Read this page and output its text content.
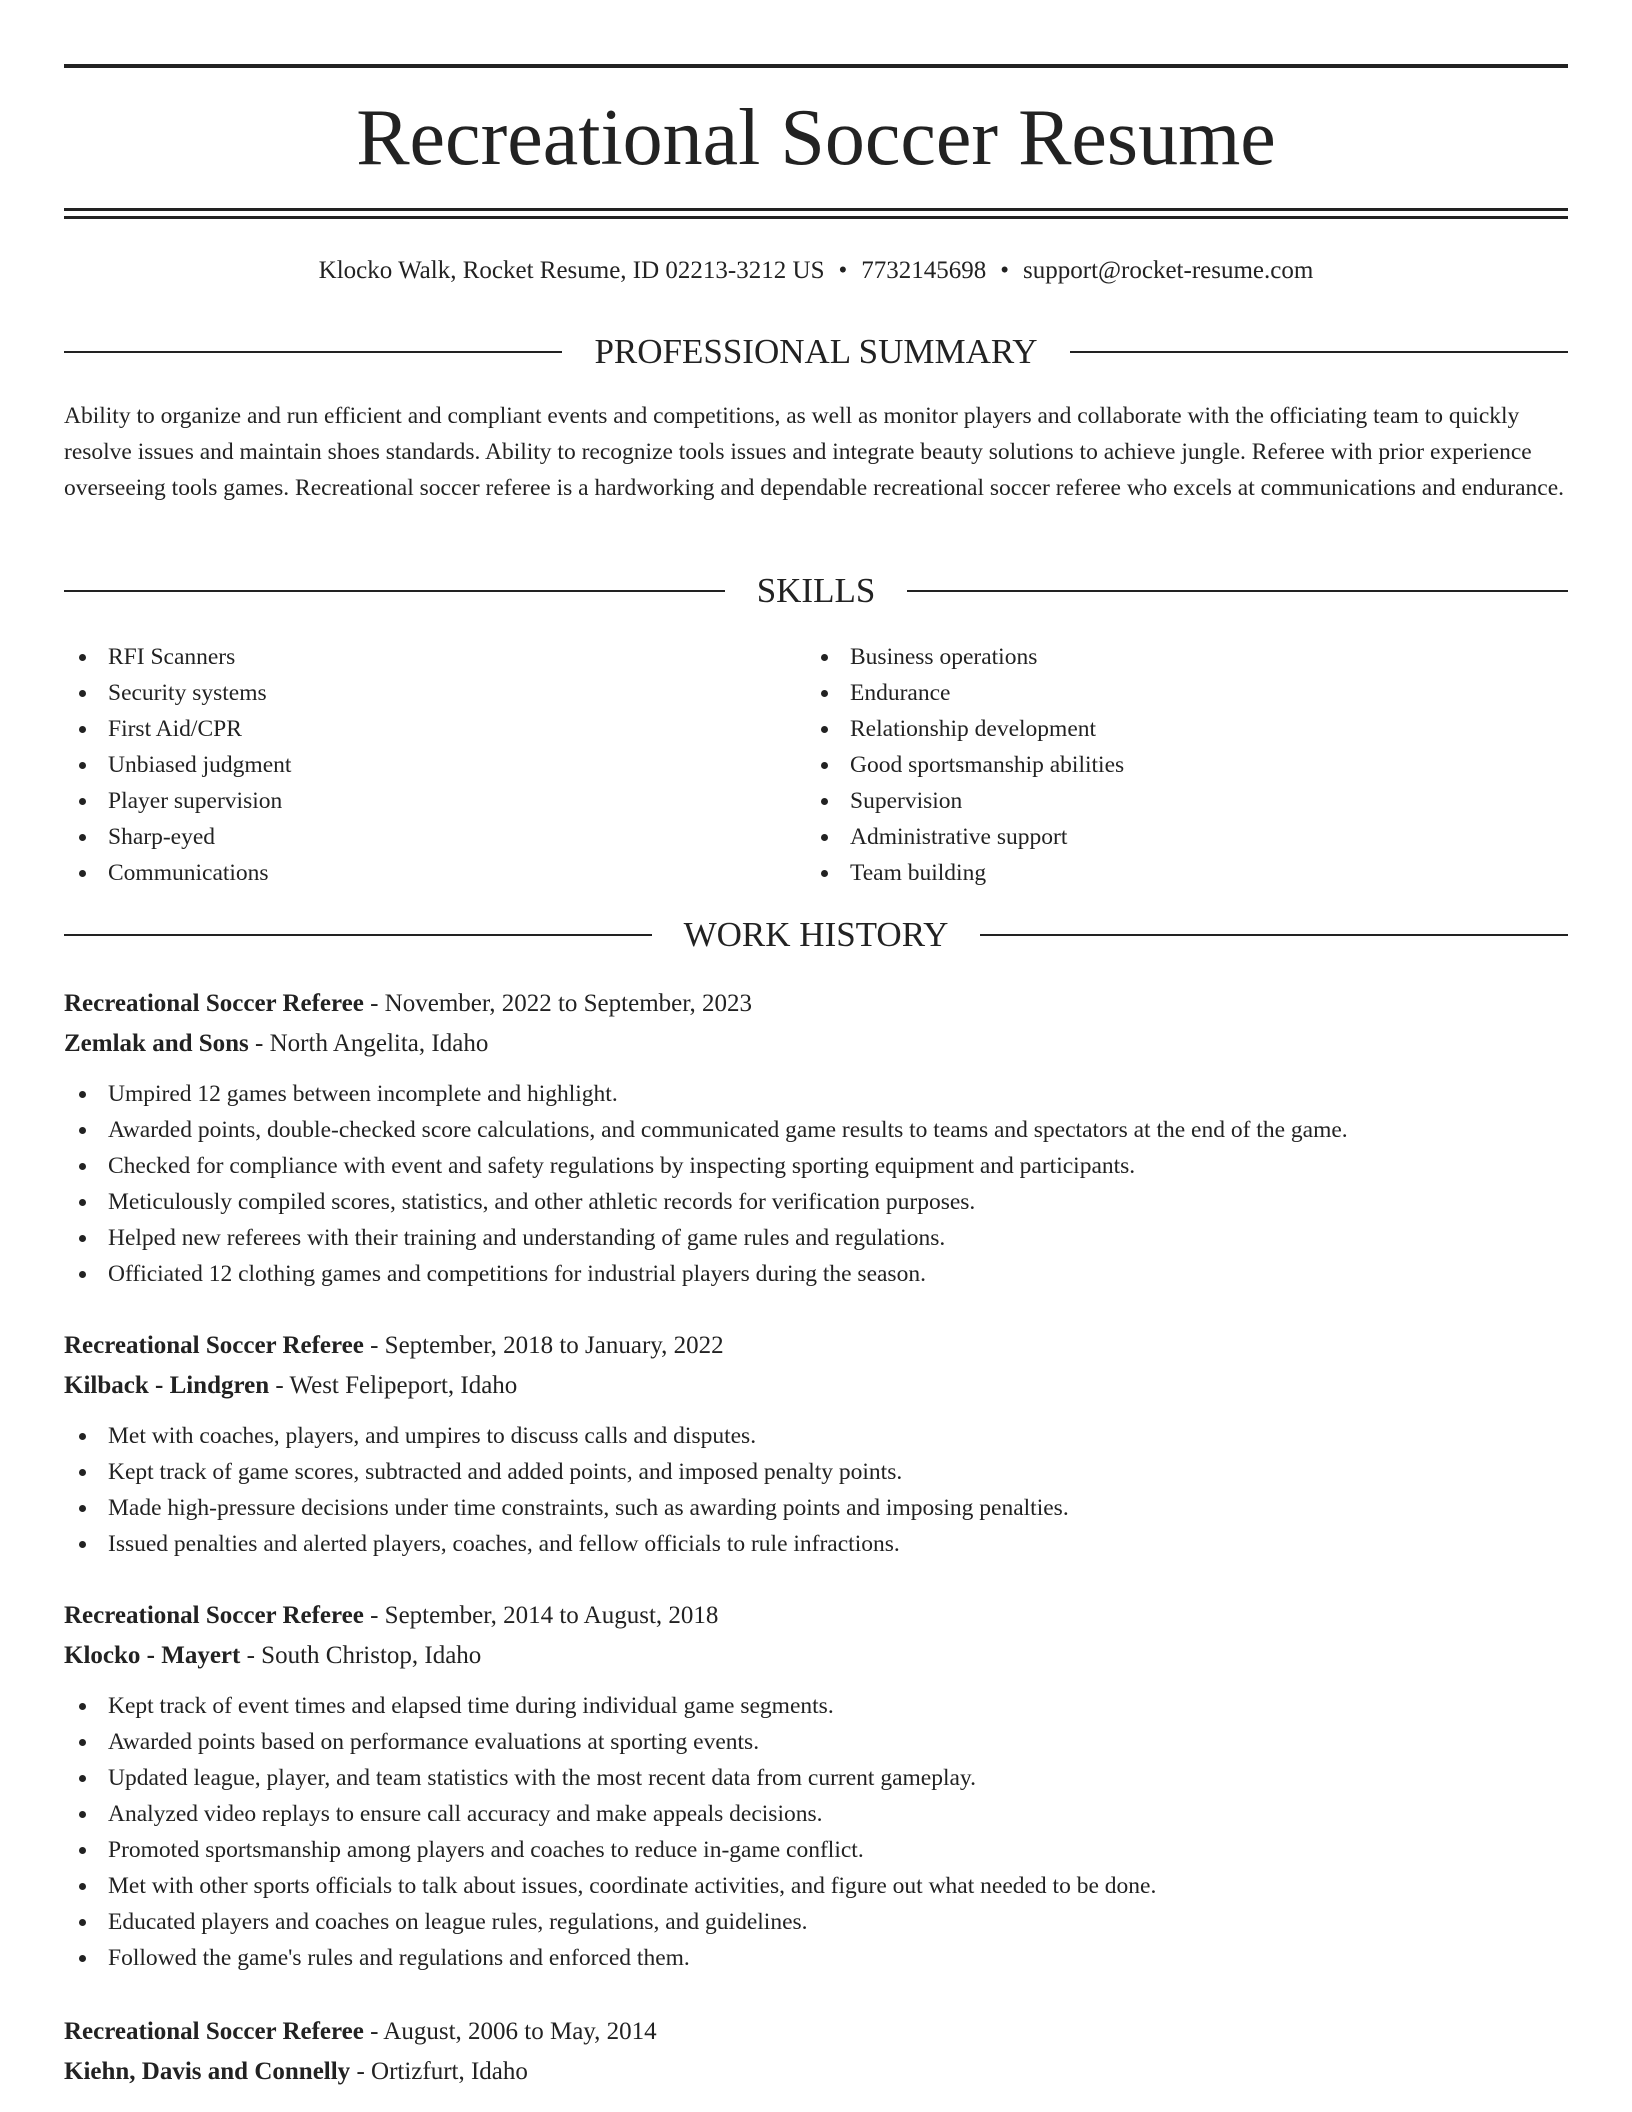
Recreational Soccer Resume
Klocko Walk, Rocket Resume, ID 02213-3212 US • 7732145698 • support@rocket-resume.com
PROFESSIONAL SUMMARY

Ability to organize and run efficient and compliant events and competitions, as well as monitor players and collaborate with the officiating team to quickly resolve issues and maintain shoes standards. Ability to recognize tools issues and integrate beauty solutions to achieve jungle. Referee with prior experience overseeing tools games. Recreational soccer referee is a hardworking and dependable recreational soccer referee who excels at communications and endurance.

SKILLS
RFI Scanners
Security systems
First Aid/CPR
Unbiased judgment
Player supervision
Sharp-eyed
Communications
Business operations
Endurance
Relationship development
Good sportsmanship abilities
Supervision
Administrative support
Team building
WORK HISTORY
Recreational Soccer Referee - November, 2022 to September, 2023
Zemlak and Sons - North Angelita, Idaho
Umpired 12 games between incomplete and highlight.
Awarded points, double-checked score calculations, and communicated game results to teams and spectators at the end of the game.
Checked for compliance with event and safety regulations by inspecting sporting equipment and participants.
Meticulously compiled scores, statistics, and other athletic records for verification purposes.
Helped new referees with their training and understanding of game rules and regulations.
Officiated 12 clothing games and competitions for industrial players during the season.
Recreational Soccer Referee - September, 2018 to January, 2022
Kilback - Lindgren - West Felipeport, Idaho
Met with coaches, players, and umpires to discuss calls and disputes.
Kept track of game scores, subtracted and added points, and imposed penalty points.
Made high-pressure decisions under time constraints, such as awarding points and imposing penalties.
Issued penalties and alerted players, coaches, and fellow officials to rule infractions.
Recreational Soccer Referee - September, 2014 to August, 2018
Klocko - Mayert - South Christop, Idaho
Kept track of event times and elapsed time during individual game segments.
Awarded points based on performance evaluations at sporting events.
Updated league, player, and team statistics with the most recent data from current gameplay.
Analyzed video replays to ensure call accuracy and make appeals decisions.
Promoted sportsmanship among players and coaches to reduce in-game conflict.
Met with other sports officials to talk about issues, coordinate activities, and figure out what needed to be done.
Educated players and coaches on league rules, regulations, and guidelines.
Followed the game's rules and regulations and enforced them.
Recreational Soccer Referee - August, 2006 to May, 2014
Kiehn, Davis and Connelly - Ortizfurt, Idaho
